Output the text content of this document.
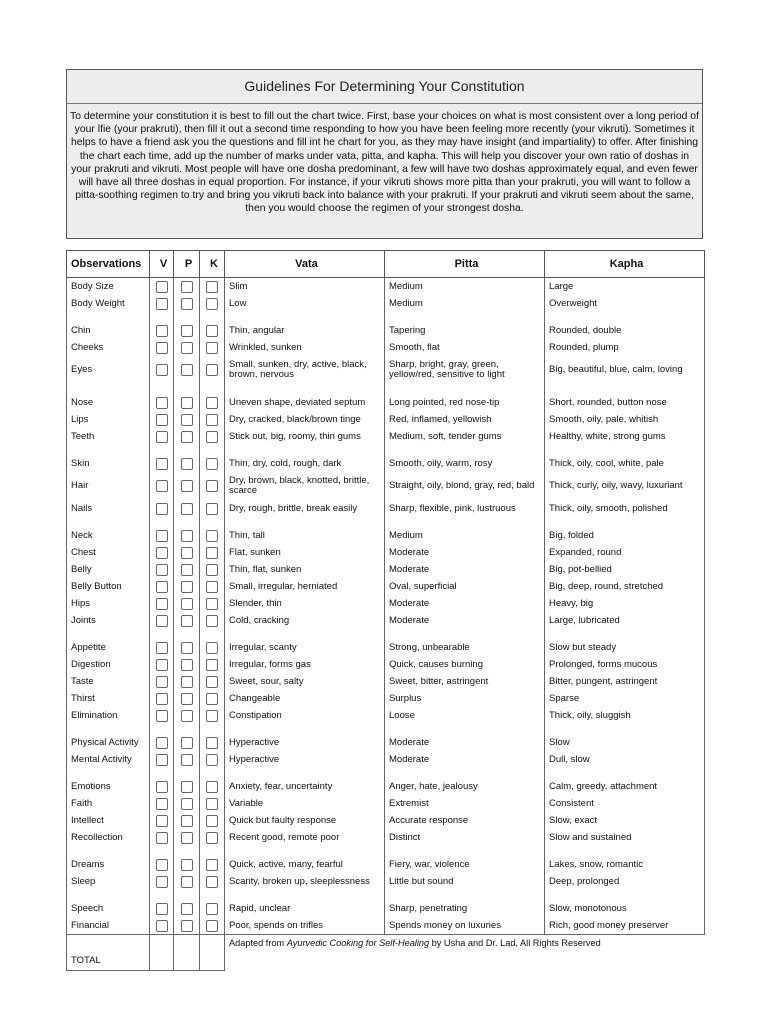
Guidelines For Determining Your Constitution
To determine your constitution it is best to fill out the chart twice. First, base your choices on what is most consistent over a long period of your lfie (your prakruti), then fill it out a second time responding to how you have been feeling more recently (your vikruti). Sometimes it helps to have a friend ask you the questions and fill int he chart for you, as they may have insight (and impartiality) to offer. After finishing the chart each time, add up the number of marks under vata, pitta, and kapha. This will help you discover your own ratio of doshas in your prakruti and vikruti. Most people will have one dosha predominant, a few will have two doshas approximately equal, and even fewer will have all three doshas in equal proportion. For instance, if your vikruti shows more pitta than your prakruti, you will want to follow a pitta-soothing regimen to try and bring you vikruti back into balance with your prakruti. If your prakruti and vikruti seem about the same, then you would choose the regimen of your strongest dosha.
Observations	V	P	K	Vata	Pitta	Kapha
Body Size				Slim	Medium	Large
Body Weight				Low	Medium	Overweight

Chin				Thin, angular	Tapering	Rounded, double
Cheeks				Wrinkled, sunken	Smooth, flat	Rounded, plump
Eyes				Small, sunken, dry, active, black, brown, nervous	Sharp, bright, gray, green, yellow/red, sensitive to light	Big, beautiful, blue, calm, loving

Nose				Uneven shape, deviated septum	Long pointed, red nose-tip	Short, rounded, button nose
Lips				Dry, cracked, black/brown tinge	Red, inflamed, yellowish	Smooth, oily, pale, whitish
Teeth				Stick out, big, roomy, thin gums	Medium, soft, tender gums	Healthy, white, strong gums

Skin				Thin, dry, cold, rough, dark	Smooth, oily, warm, rosy	Thick, oily, cool, white, pale
Hair				Dry, brown, black, knotted, brittle, scarce	Straight, oily, blond, gray, red, bald	Thick, curly, oily, wavy, luxuriant
Nails				Dry, rough, brittle, break easily	Sharp, flexible, pink, lustruous	Thick, oily, smooth, polished

Neck				Thin, tall	Medium	Big, folded
Chest				Flat, sunken	Moderate	Expanded, round
Belly				Thin, flat, sunken	Moderate	Big, pot-bellied
Belly Button				Small, irregular, herniated	Oval, superficial	Big, deep, round, stretched
Hips				Slender, thin	Moderate	Heavy, big
Joints				Cold, cracking	Moderate	Large, lubricated

Appetite				Irregular, scanty	Strong, unbearable	Slow but steady
Digestion				Irregular, forms gas	Quick, causes burning	Prolonged, forms mucous
Taste				Sweet, sour, salty	Sweet, bitter, astringent	Bitter, pungent, astringent
Thirst				Changeable	Surplus	Sparse
Elimination				Constipation	Loose	Thick, oily, sluggish

Physical Activity				Hyperactive	Moderate	Slow
Mental Activity				Hyperactive	Moderate	Dull, slow

Emotions				Anxiety, fear, uncertainty	Anger, hate, jealousy	Calm, greedy, attachment
Faith				Variable	Extremist	Consistent
Intellect				Quick but faulty response	Accurate response	Slow, exact
Recollection				Recent good, remote poor	Distinct	Slow and sustained

Dreams				Quick, active, many, fearful	Fiery, war, violence	Lakes, snow, romantic
Sleep				Scanty, broken up, sleeplessness	Little but sound	Deep, prolonged

Speech				Rapid, unclear	Sharp, penetrating	Slow, monotonous
Financial				Poor, spends on trifles	Spends money on luxuries	Rich, good money preserver
TOTAL				Adapted from Ayurvedic Cooking for Self-Healing by Usha and Dr. Lad, All Rights Reserved		
